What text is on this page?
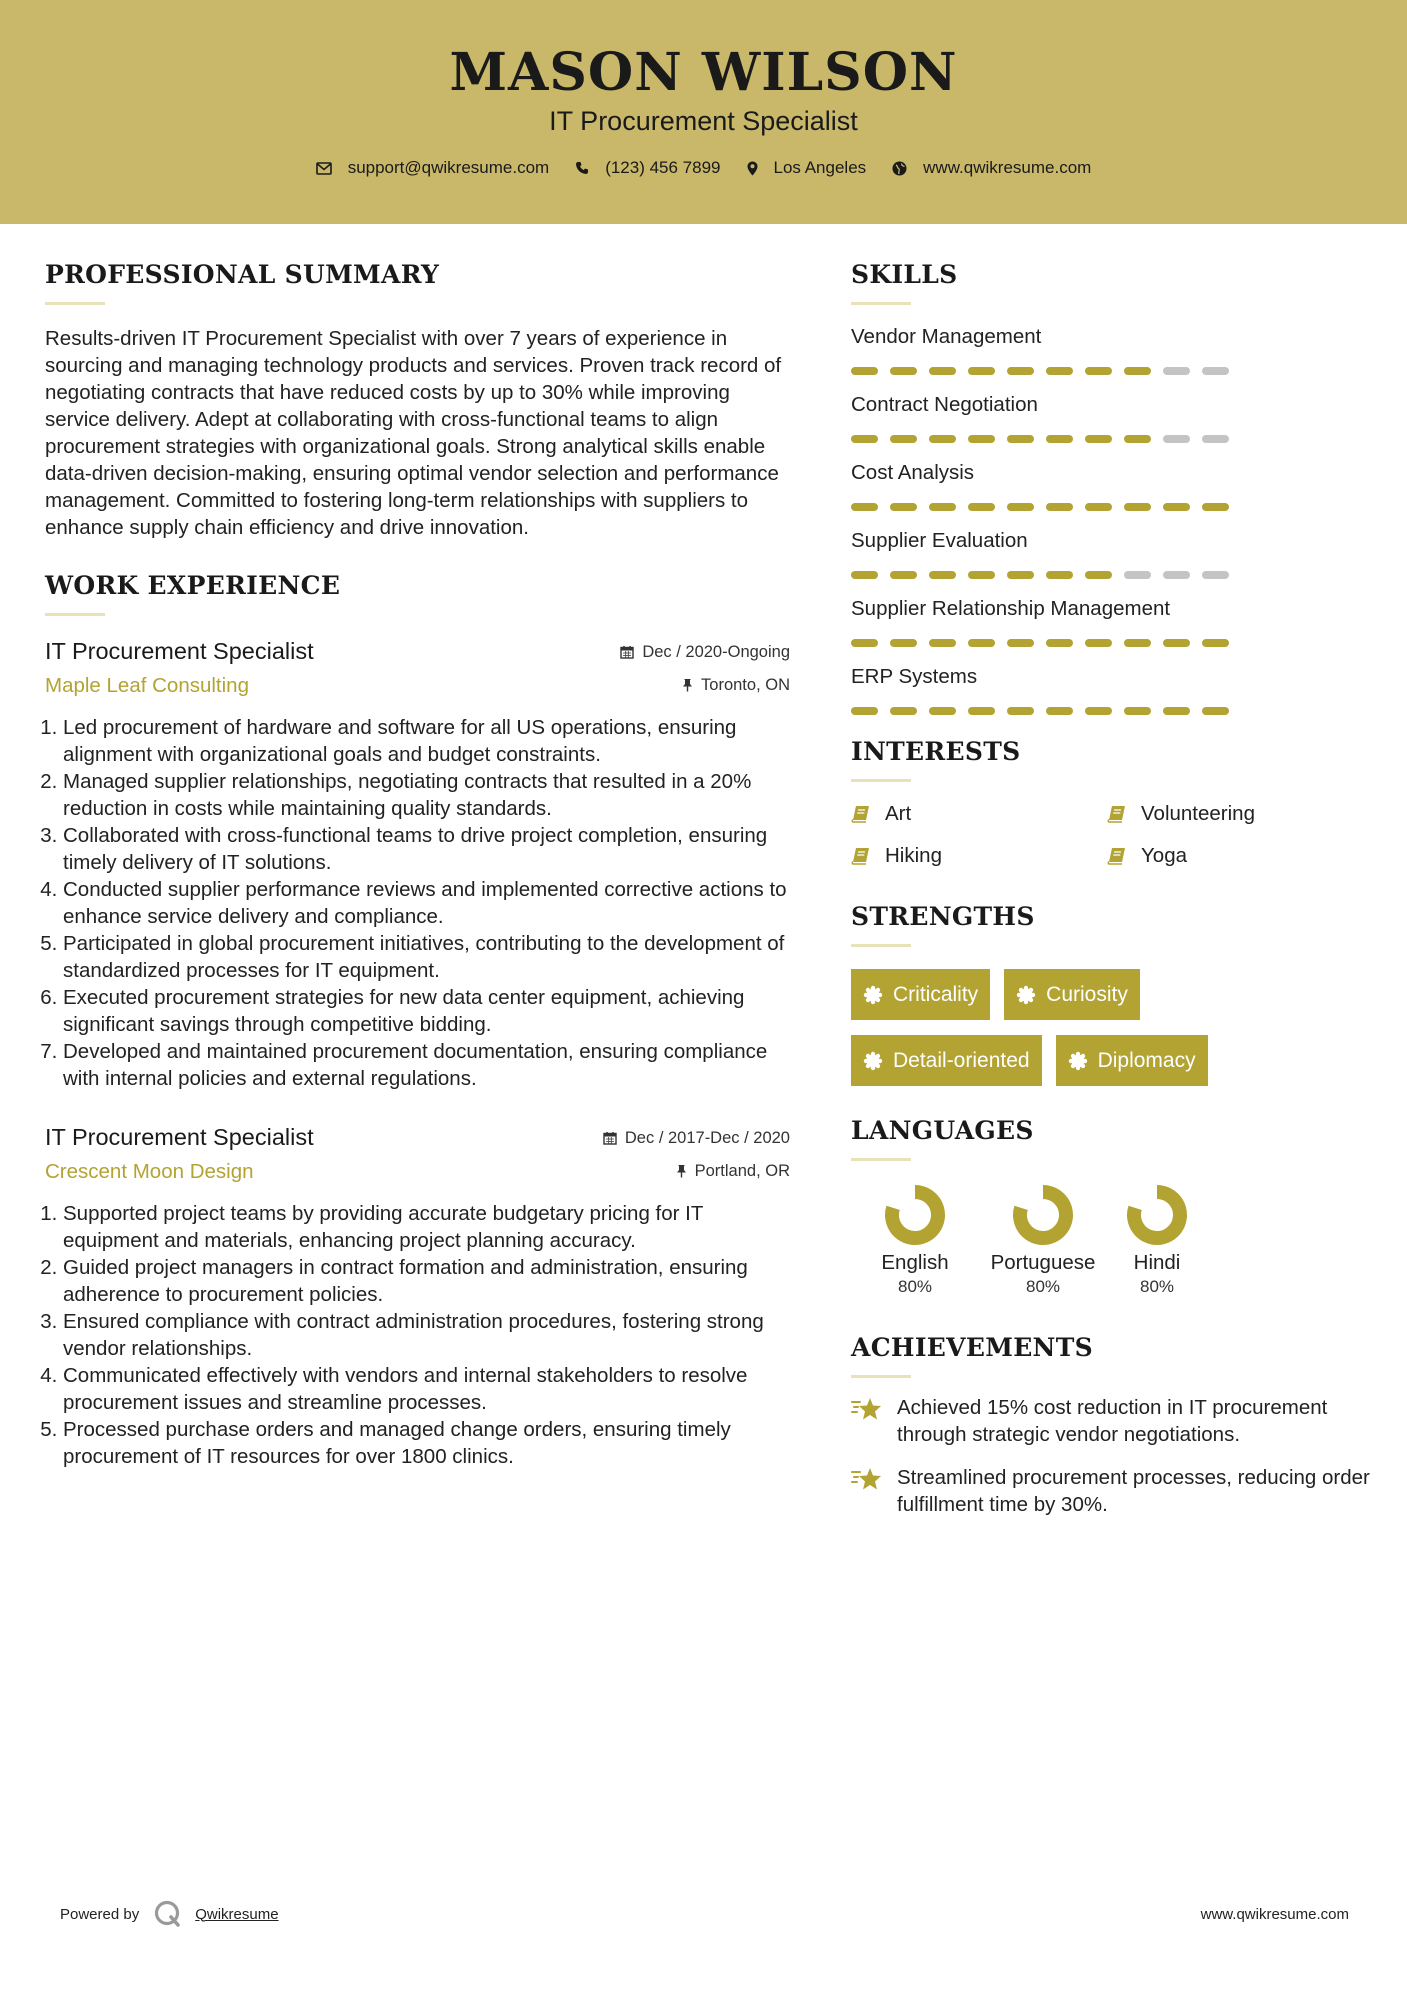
MASON WILSON
IT Procurement Specialist
support@qwikresume.com	(123) 456 7899	Los Angeles	www.qwikresume.com
PROFESSIONAL SUMMARY
Results-driven IT Procurement Specialist with over 7 years of experience in sourcing and managing technology products and services. Proven track record of negotiating contracts that have reduced costs by up to 30% while improving service delivery. Adept at collaborating with cross-functional teams to align procurement strategies with organizational goals. Strong analytical skills enable data-driven decision-making, ensuring optimal vendor selection and performance management. Committed to fostering long-term relationships with suppliers to enhance supply chain efficiency and drive innovation.
WORK EXPERIENCE
IT Procurement Specialist	Dec / 2020-Ongoing
Maple Leaf Consulting	Toronto, ON
1. Led procurement of hardware and software for all US operations, ensuring alignment with organizational goals and budget constraints.
2. Managed supplier relationships, negotiating contracts that resulted in a 20% reduction in costs while maintaining quality standards.
3. Collaborated with cross-functional teams to drive project completion, ensuring timely delivery of IT solutions.
4. Conducted supplier performance reviews and implemented corrective actions to enhance service delivery and compliance.
5. Participated in global procurement initiatives, contributing to the development of standardized processes for IT equipment.
6. Executed procurement strategies for new data center equipment, achieving significant savings through competitive bidding.
7. Developed and maintained procurement documentation, ensuring compliance with internal policies and external regulations.
IT Procurement Specialist	Dec / 2017-Dec / 2020
Crescent Moon Design	Portland, OR
1. Supported project teams by providing accurate budgetary pricing for IT equipment and materials, enhancing project planning accuracy.
2. Guided project managers in contract formation and administration, ensuring adherence to procurement policies.
3. Ensured compliance with contract administration procedures, fostering strong vendor relationships.
4. Communicated effectively with vendors and internal stakeholders to resolve procurement issues and streamline processes.
5. Processed purchase orders and managed change orders, ensuring timely procurement of IT resources for over 1800 clinics.
SKILLS
Vendor Management
Contract Negotiation
Cost Analysis
Supplier Evaluation
Supplier Relationship Management
ERP Systems
INTERESTS
Art	Volunteering
Hiking	Yoga
STRENGTHS
Criticality	Curiosity
Detail-oriented	Diplomacy
LANGUAGES
English
80%
Portuguese
80%
Hindi
80%
ACHIEVEMENTS
Achieved 15% cost reduction in IT procurement through strategic vendor negotiations.
Streamlined procurement processes, reducing order fulfillment time by 30%.
Powered by	Qwikresume	www.qwikresume.com
